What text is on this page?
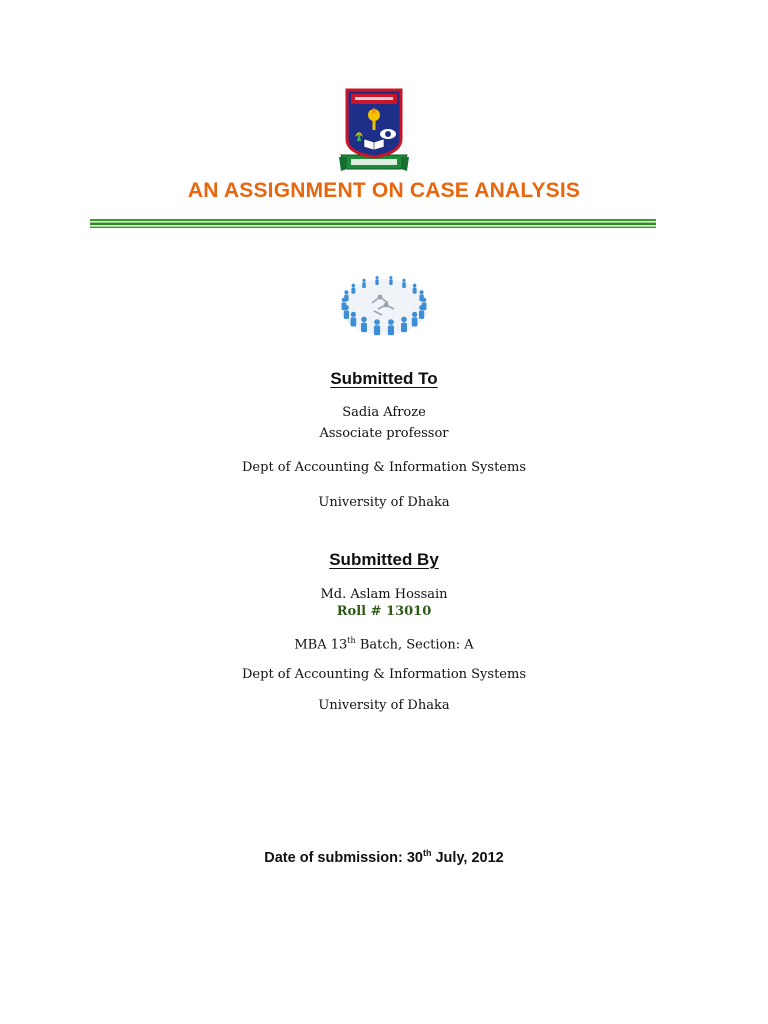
AN ASSIGNMENT ON CASE ANALYSIS
Submitted To
Sadia Afroze
Associate professor
Dept of Accounting & Information Systems
University of Dhaka
Submitted By
Md. Aslam Hossain
Roll # 13010
MBA 13th Batch, Section: A
Dept of Accounting & Information Systems
University of Dhaka
Date of submission: 30th July, 2012
